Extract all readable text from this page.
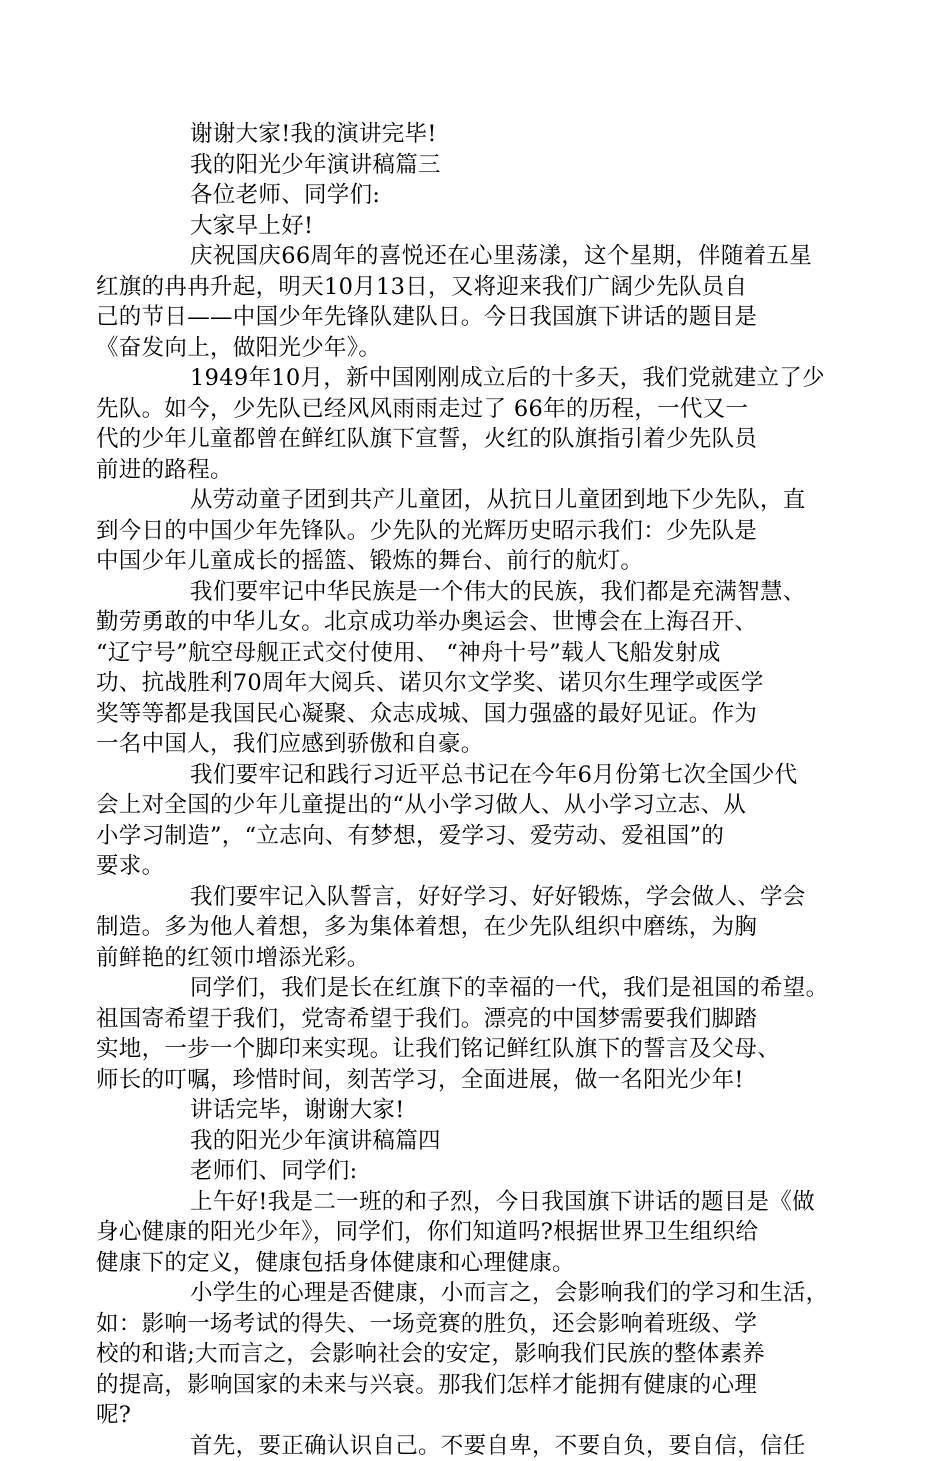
谢谢大家!我的演讲完毕!
我的阳光少年演讲稿篇三
各位老师、同学们:
大家早上好!
庆祝国庆66周年的喜悦还在心里荡漾，这个星期，伴随着五星
红旗的冉冉升起，明天10月13日，又将迎来我们广阔少先队员自
己的节日——中国少年先锋队建队日。今日我国旗下讲话的题目是
《奋发向上，做阳光少年》。
1949年10月，新中国刚刚成立后的十多天，我们党就建立了少
先队。如今，少先队已经风风雨雨走过了 66年的历程，一代又一
代的少年儿童都曾在鲜红队旗下宣誓，火红的队旗指引着少先队员
前进的路程。
从劳动童子团到共产儿童团，从抗日儿童团到地下少先队，直
到今日的中国少年先锋队。少先队的光辉历史昭示我们：少先队是
中国少年儿童成长的摇篮、锻炼的舞台、前行的航灯。
我们要牢记中华民族是一个伟大的民族，我们都是充满智慧、
勤劳勇敢的中华儿女。北京成功举办奥运会、世博会在上海召开、
“辽宁号”航空母舰正式交付使用、 “神舟十号”载人飞船发射成
功、抗战胜利70周年大阅兵、诺贝尔文学奖、诺贝尔生理学或医学
奖等等都是我国民心凝聚、众志成城、国力强盛的最好见证。作为
一名中国人，我们应感到骄傲和自豪。
我们要牢记和践行习近平总书记在今年6月份第七次全国少代
会上对全国的少年儿童提出的“从小学习做人、从小学习立志、从
小学习制造”，“立志向、有梦想，爱学习、爱劳动、爱祖国”的
要求。
我们要牢记入队誓言，好好学习、好好锻炼，学会做人、学会
制造。多为他人着想，多为集体着想，在少先队组织中磨练，为胸
前鲜艳的红领巾增添光彩。
同学们，我们是长在红旗下的幸福的一代，我们是祖国的希望。
祖国寄希望于我们，党寄希望于我们。漂亮的中国梦需要我们脚踏
实地，一步一个脚印来实现。让我们铭记鲜红队旗下的誓言及父母、
师长的叮嘱，珍惜时间，刻苦学习，全面进展，做一名阳光少年!
讲话完毕，谢谢大家!
我的阳光少年演讲稿篇四
老师们、同学们:
上午好!我是二一班的和子烈，今日我国旗下讲话的题目是《做
身心健康的阳光少年》，同学们，你们知道吗?根据世界卫生组织给
健康下的定义，健康包括身体健康和心理健康。
小学生的心理是否健康，小而言之，会影响我们的学习和生活，
如：影响一场考试的得失、一场竞赛的胜负，还会影响着班级、学
校的和谐;大而言之，会影响社会的安定，影响我们民族的整体素养
的提高，影响国家的未来与兴衰。那我们怎样才能拥有健康的心理
呢?
首先，要正确认识自己。不要自卑，不要自负，要自信，信任
